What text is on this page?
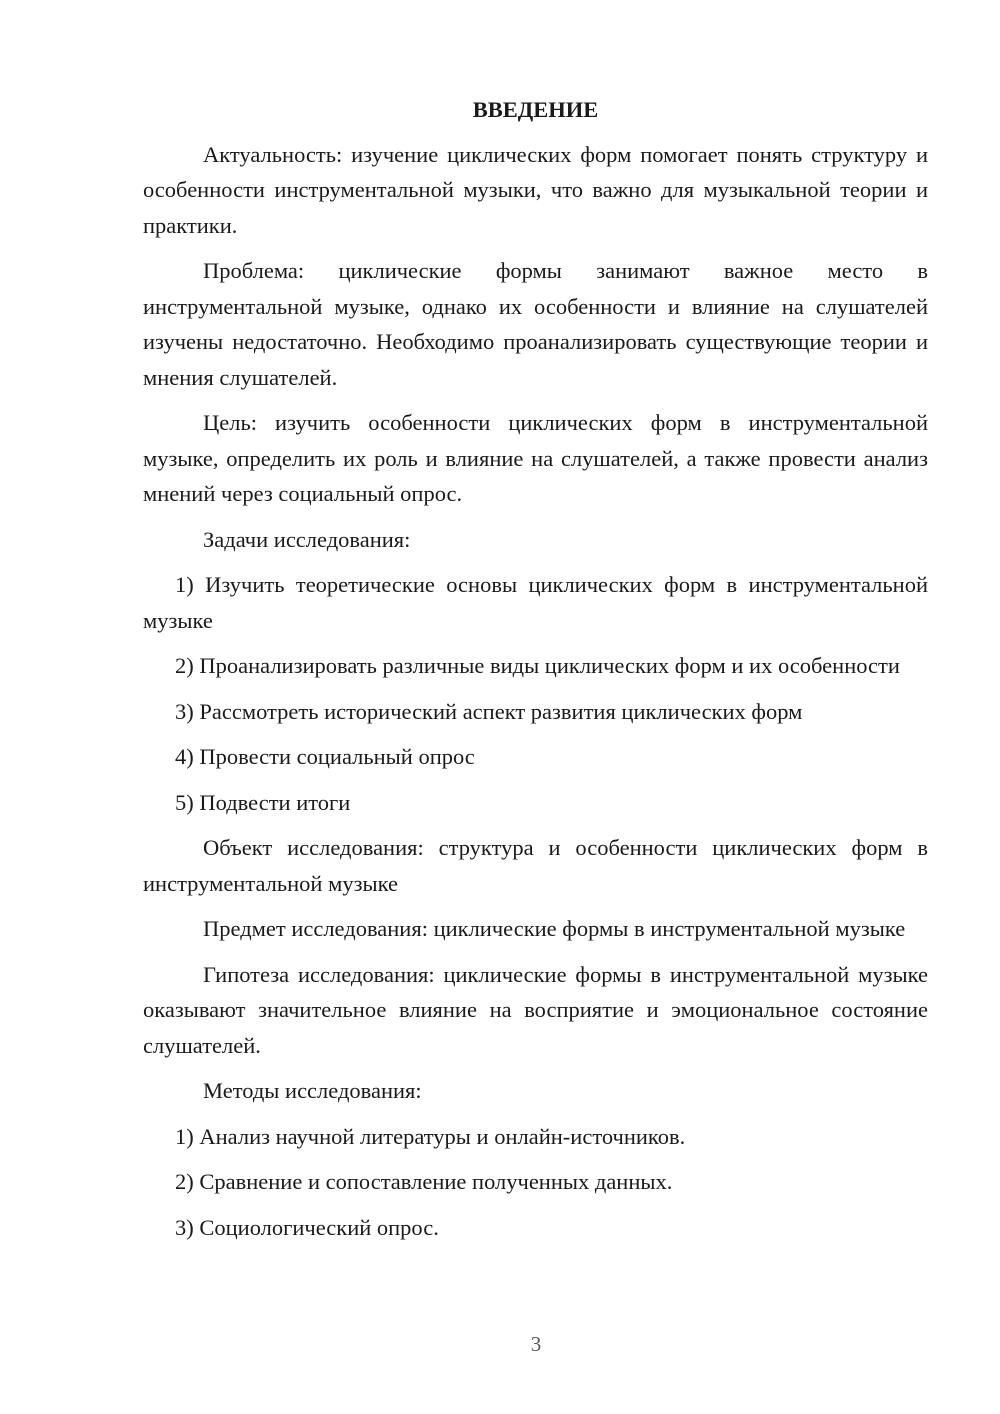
ВВЕДЕНИЕ

Актуальность: изучение циклических форм помогает понять структуру и особенности инструментальной музыки, что важно для музыкальной теории и практики.

Проблема: циклические формы занимают важное место в инструментальной музыке, однако их особенности и влияние на слушателей изучены недостаточно. Необходимо проанализировать существующие теории и мнения слушателей.

Цель: изучить особенности циклических форм в инструментальной музыке, определить их роль и влияние на слушателей, а также провести анализ мнений через социальный опрос.

Задачи исследования:

1) Изучить теоретические основы циклических форм в инструментальной музыке

2) Проанализировать различные виды циклических форм и их особенности

3) Рассмотреть исторический аспект развития циклических форм

4) Провести социальный опрос

5) Подвести итоги

Объект исследования: структура и особенности циклических форм в инструментальной музыке

Предмет исследования: циклические формы в инструментальной музыке

Гипотеза исследования: циклические формы в инструментальной музыке оказывают значительное влияние на восприятие и эмоциональное состояние слушателей.

Методы исследования:

1) Анализ научной литературы и онлайн-источников.

2) Сравнение и сопоставление полученных данных.

3) Социологический опрос.

3
